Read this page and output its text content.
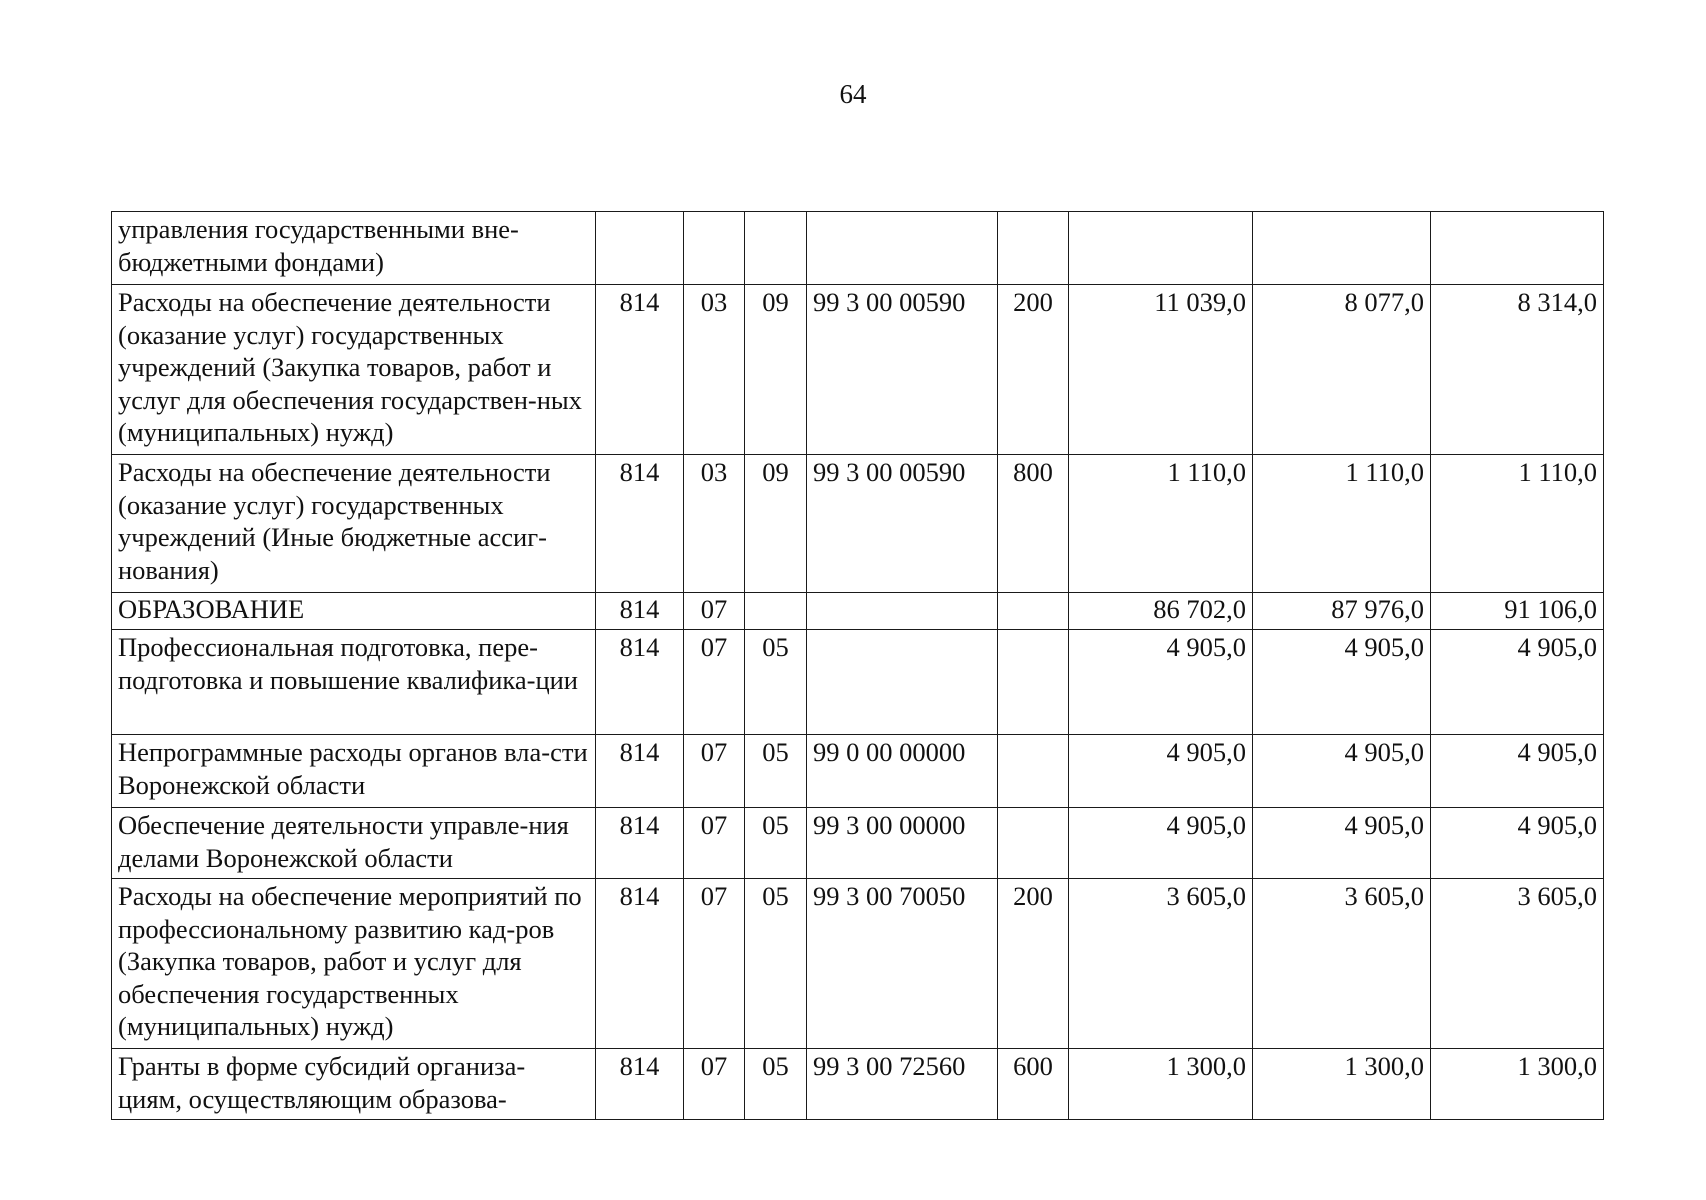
64
управления государственными вне-бюджетными фондами)								
Расходы на обеспечение деятельности (оказание услуг) государственных учреждений (Закупка товаров, работ и услуг для обеспечения государствен-ных (муниципальных) нужд)	814	03	09	99 3 00 00590	200	11 039,0	8 077,0	8 314,0
Расходы на обеспечение деятельности (оказание услуг) государственных учреждений (Иные бюджетные ассиг-нования)	814	03	09	99 3 00 00590	800	1 110,0	1 110,0	1 110,0
ОБРАЗОВАНИЕ	814	07				86 702,0	87 976,0	91 106,0
Профессиональная подготовка, пере-подготовка и повышение квалифика-ции	814	07	05			4 905,0	4 905,0	4 905,0
Непрограммные расходы органов вла-сти Воронежской области	814	07	05	99 0 00 00000		4 905,0	4 905,0	4 905,0
Обеспечение деятельности управле-ния делами Воронежской области	814	07	05	99 3 00 00000		4 905,0	4 905,0	4 905,0
Расходы на обеспечение мероприятий по профессиональному развитию кад-ров (Закупка товаров, работ и услуг для обеспечения государственных (муниципальных) нужд)	814	07	05	99 3 00 70050	200	3 605,0	3 605,0	3 605,0
Гранты в форме субсидий организа-циям, осуществляющим образова-	814	07	05	99 3 00 72560	600	1 300,0	1 300,0	1 300,0
